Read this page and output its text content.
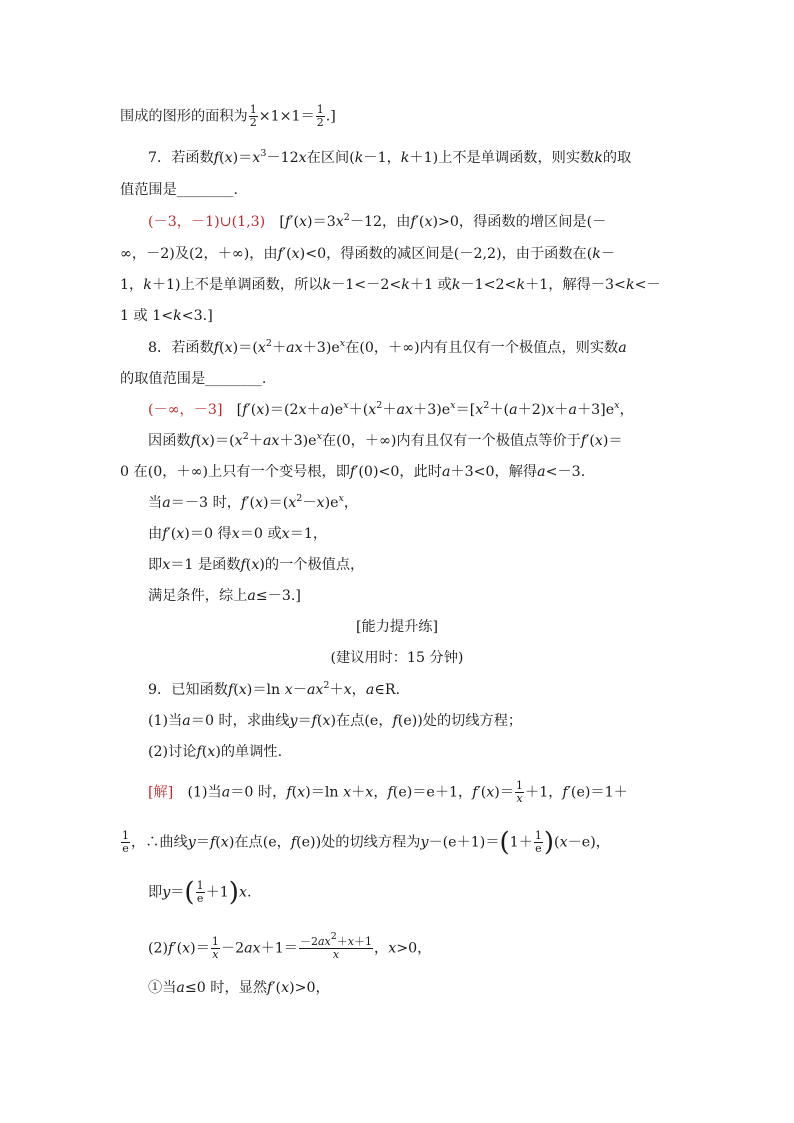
围成的图形的面积为 $\frac{1}{2} \times 1\times 1= \frac{1}{2}$ .]
7．若函数$f(x)=x^3-12x$在区间(k－1，k＋1)上不是单调函数，则实数k的取
值范围是________.
(－3，－1)∪(1,3)　[$f'(x)=3x^2-12$，由f′(x)>0，得函数的增区间是(－
∞，－2)及(2，＋∞)，由f′(x)<0，得函数的减区间是(－2,2)，由于函数在(k－
1，k＋1)上不是单调函数，所以k－1<－2<k＋1 或k－1<2<k＋1，解得－3<k<－
1 或 1<k<3.]
8．若函数$f(x)=(x^2+ax+3)e^x$在(0，＋∞)内有且仅有一个极值点，则实数a
的取值范围是________.
(－∞，－3]　[$f'(x)=(2x+a)e^x+(x^2+ax+3)e^x=[x^2+(a+2)x+a+3]e^x$，
因函数$f(x)=(x^2+ax+3)e^x$在(0，＋∞)内有且仅有一个极值点等价于f′(x)＝
0 在(0，＋∞)上只有一个变号根，即f′(0)<0，此时a＋3<0，解得a<－3.
当a＝－3 时，$f'(x)=(x^2-x)e^x$，
由f′(x)＝0 得x＝0 或x＝1，
即x＝1 是函数f(x)的一个极值点，
满足条件，综上a≤－3.]
[能力提升练]
(建议用时：15 分钟)
9．已知函数f(x)＝ln $x-ax^2+x$，a∈R.
(1)当a＝0 时，求曲线y＝f(x)在点(e，f(e))处的切线方程；
(2)讨论f(x)的单调性.
[解]　(1)当a＝0 时，f(x)＝ln x＋x，f(e)＝e＋1，$f'(x)= \frac{1}{x} +1$，f′(e)＝1＋
$\frac{1}{e}$ ，∴曲线y＝f(x)在点(e，f(e))处的切线方程为$y-(e+1)=(1+ \frac{1}{e} )(x-e)$，
即$y=( \frac{1}{e} +1)x$.
$(2)f'(x)= \frac{1}{x} -2ax+1= \frac{-2ax^2+x+1}{x}$ ，x>0，
①当a≤0 时，显然f′(x)>0，
